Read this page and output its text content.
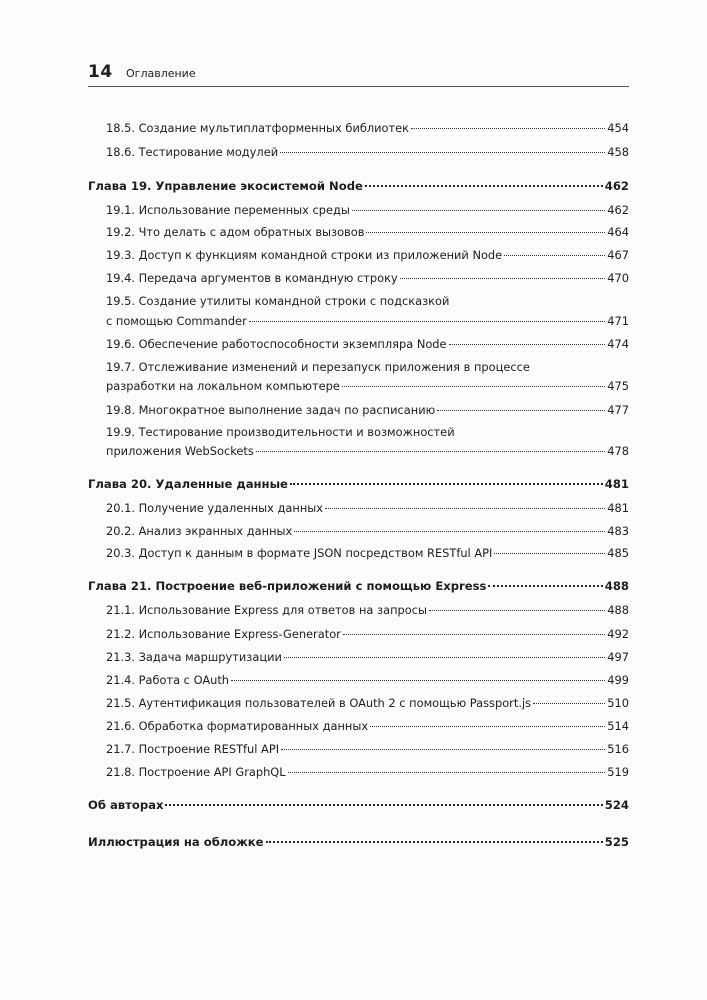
14 Оглавление
18.5. Создание мультиплатформенных библиотек	454
18.6. Тестирование модулей	458
Глава 19. Управление экосистемой Node	462
19.1. Использование переменных среды	462
19.2. Что делать с адом обратных вызовов	464
19.3. Доступ к функциям командной строки из приложений Node	467
19.4. Передача аргументов в командную строку	470
19.5. Создание утилиты командной строки с подсказкой
с помощью Commander	471
19.6. Обеспечение работоспособности экземпляра Node	474
19.7. Отслеживание изменений и перезапуск приложения в процессе
разработки на локальном компьютере	475
19.8. Многократное выполнение задач по расписанию	477
19.9. Тестирование производительности и возможностей
приложения WebSockets	478
Глава 20. Удаленные данные	481
20.1. Получение удаленных данных	481
20.2. Анализ экранных данных	483
20.3. Доступ к данным в формате JSON посредством RESTful API	485
Глава 21. Построение веб-приложений с помощью Express	488
21.1. Использование Express для ответов на запросы	488
21.2. Использование Express-Generator	492
21.3. Задача маршрутизации	497
21.4. Работа с OAuth	499
21.5. Аутентификация пользователей в OAuth 2 с помощью Passport.js	510
21.6. Обработка форматированных данных	514
21.7. Построение RESTful API	516
21.8. Построение API GraphQL	519
Об авторах	524
Иллюстрация на обложке	525
